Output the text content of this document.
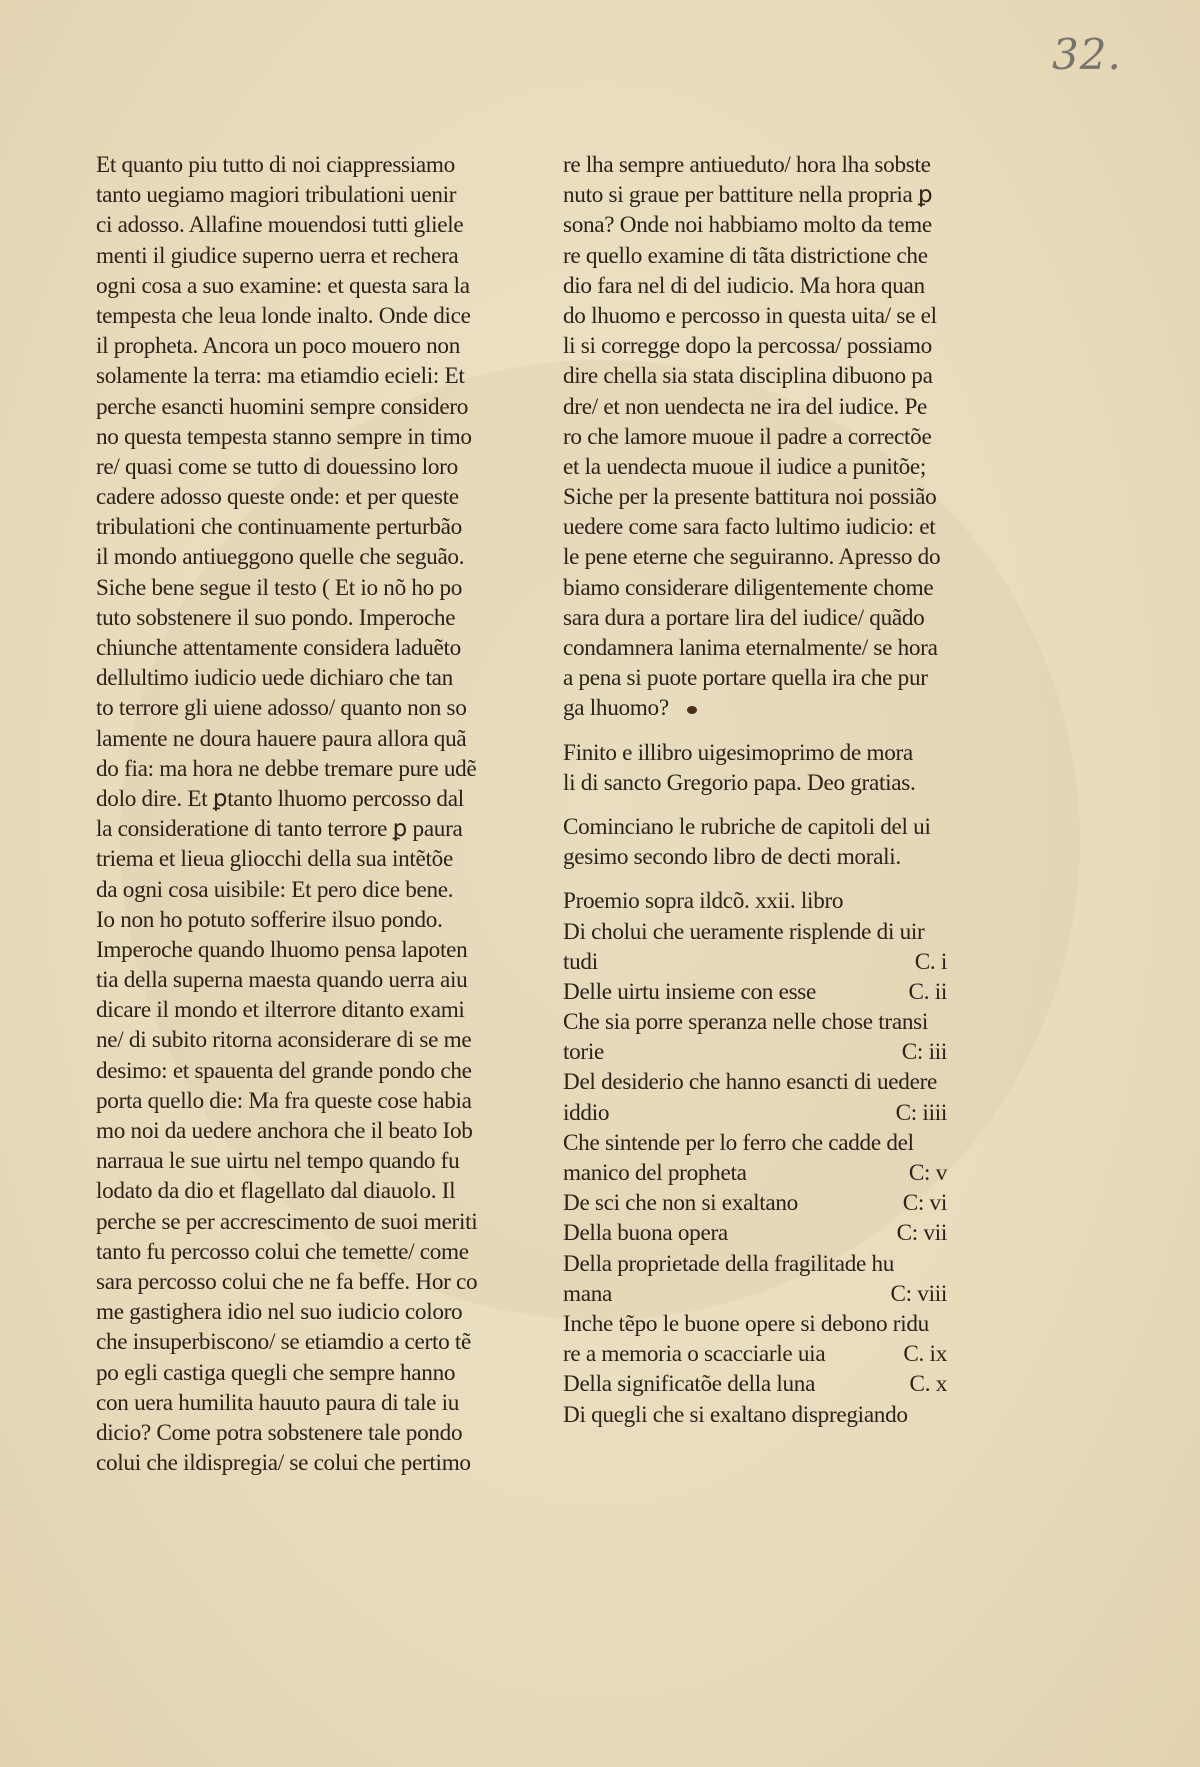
32.
Et quanto piu tutto di noi ciappressiamo
tanto uegiamo magiori tribulationi uenir
ci adosso. Allafine mouendosi tutti gliele
menti il giudice superno uerra et rechera
ogni cosa a suo examine: et questa sara la
tempesta che leua londe inalto. Onde dice
il propheta. Ancora un poco mouero non
solamente la terra: ma etiamdio ecieli: Et
perche esancti huomini sempre considero
no questa tempesta stanno sempre in timo
re/ quasi come se tutto di douessino loro
cadere adosso queste onde: et per queste
tribulationi che continuamente perturbão
il mondo antiueggono quelle che seguão.
Siche bene segue il testo ( Et io nõ ho po
tuto sobstenere il suo pondo. Imperoche
chiunche attentamente considera laduẽto
dellultimo iudicio uede dichiaro che tan
to terrore gli uiene adosso/ quanto non so
lamente ne doura hauere paura allora quã
do fia: ma hora ne debbe tremare pure udẽ
dolo dire. Et ꝑtanto lhuomo percosso dal
la consideratione di tanto terrore ꝑ paura
triema et lieua gliocchi della sua intẽtõe
da ogni cosa uisibile: Et pero dice bene.
Io non ho potuto sofferire ilsuo pondo.
Imperoche quando lhuomo pensa lapoten
tia della superna maesta quando uerra aiu
dicare il mondo et ilterrore ditanto exami
ne/ di subito ritorna aconsiderare di se me
desimo: et spauenta del grande pondo che
porta quello die: Ma fra queste cose habia
mo noi da uedere anchora che il beato Iob
narraua le sue uirtu nel tempo quando fu
lodato da dio et flagellato dal diauolo. Il
perche se per accrescimento de suoi meriti
tanto fu percosso colui che temette/ come
sara percosso colui che ne fa beffe. Hor co
me gastighera idio nel suo iudicio coloro
che insuperbiscono/ se etiamdio a certo tẽ
po egli castiga quegli che sempre hanno
con uera humilita hauuto paura di tale iu
dicio? Come potra sobstenere tale pondo
colui che ildispregia/ se colui che pertimo
re lha sempre antiueduto/ hora lha sobste
nuto si graue per battiture nella propria ꝑ
sona? Onde noi habbiamo molto da teme
re quello examine di tãta districtione che
dio fara nel di del iudicio. Ma hora quan
do lhuomo e percosso in questa uita/ se el
li si corregge dopo la percossa/ possiamo
dire chella sia stata disciplina dibuono pa
dre/ et non uendecta ne ira del iudice. Pe
ro che lamore muoue il padre a correctõe
et la uendecta muoue il iudice a punitõe;
Siche per la presente battitura noi possião
uedere come sara facto lultimo iudicio: et
le pene eterne che seguiranno. Apresso do
biamo considerare diligentemente chome
sara dura a portare lira del iudice/ quãdo
condamnera lanima eternalmente/ se hora
a pena si puote portare quella ira che pur
ga lhuomo?
Finito e illibro uigesimoprimo de mora
li di sancto Gregorio papa. Deo gratias.
Cominciano le rubriche de capitoli del ui
gesimo secondo libro de decti morali.
Proemio sopra ildcõ. xxii. libro
Di cholui che ueramente risplende di uir
tudi	C. i
Delle uirtu insieme con esse	C. ii
Che sia porre speranza nelle chose transi
torie	C: iii
Del desiderio che hanno esancti di uedere
iddio	C: iiii
Che sintende per lo ferro che cadde del
manico del propheta	C: v
De sci che non si exaltano	C: vi
Della buona opera	C: vii
Della proprietade della fragilitade hu
mana	C: viii
Inche tẽpo le buone opere si debono ridu
re a memoria o scacciarle uia	C. ix
Della significatõe della luna	C. x
Di quegli che si exaltano dispregiando
